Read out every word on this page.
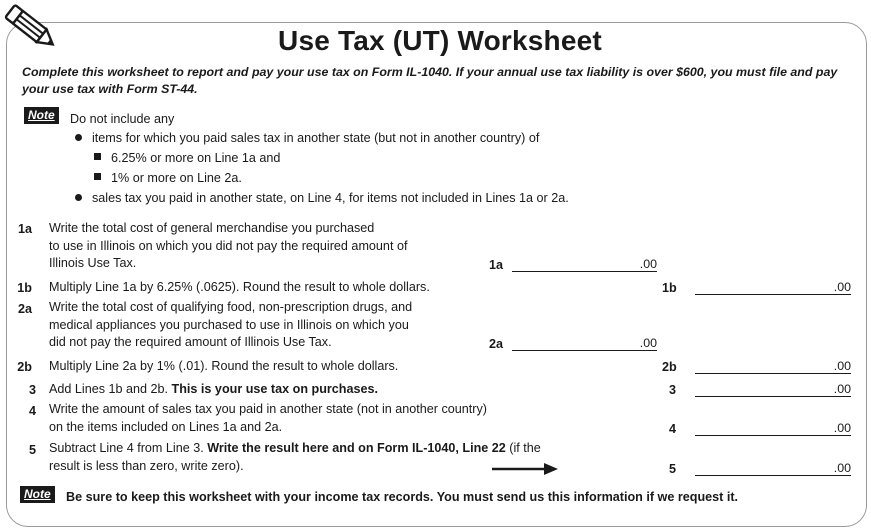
Use Tax (UT) Worksheet
Complete this worksheet to report and pay your use tax on Form IL-1040. If your annual use tax liability is over $600, you must file and pay your use tax with Form ST-44.
Note	Do not include any
items for which you paid sales tax in another state (but not in another country) of
6.25% or more on Line 1a and
1% or more on Line 2a.
sales tax you paid in another state, on Line 4, for items not included in Lines 1a or 2a.
1a Write the total cost of general merchandise you purchased
to use in Illinois on which you did not pay the required amount of
Illinois Use Tax.	1a	.00
1b Multiply Line 1a by 6.25% (.0625). Round the result to whole dollars.	1b	.00
2a Write the total cost of qualifying food, non-prescription drugs, and
medical appliances you purchased to use in Illinois on which you
did not pay the required amount of Illinois Use Tax.	2a	.00
2b Multiply Line 2a by 1% (.01). Round the result to whole dollars.	2b	.00
3 Add Lines 1b and 2b. This is your use tax on purchases.	3	.00
4 Write the amount of sales tax you paid in another state (not in another country)
on the items included on Lines 1a and 2a.	4	.00
5 Subtract Line 4 from Line 3. Write the result here and on Form IL-1040, Line 22 (if the
result is less than zero, write zero).	5	.00
Note	Be sure to keep this worksheet with your income tax records. You must send us this information if we request it.
